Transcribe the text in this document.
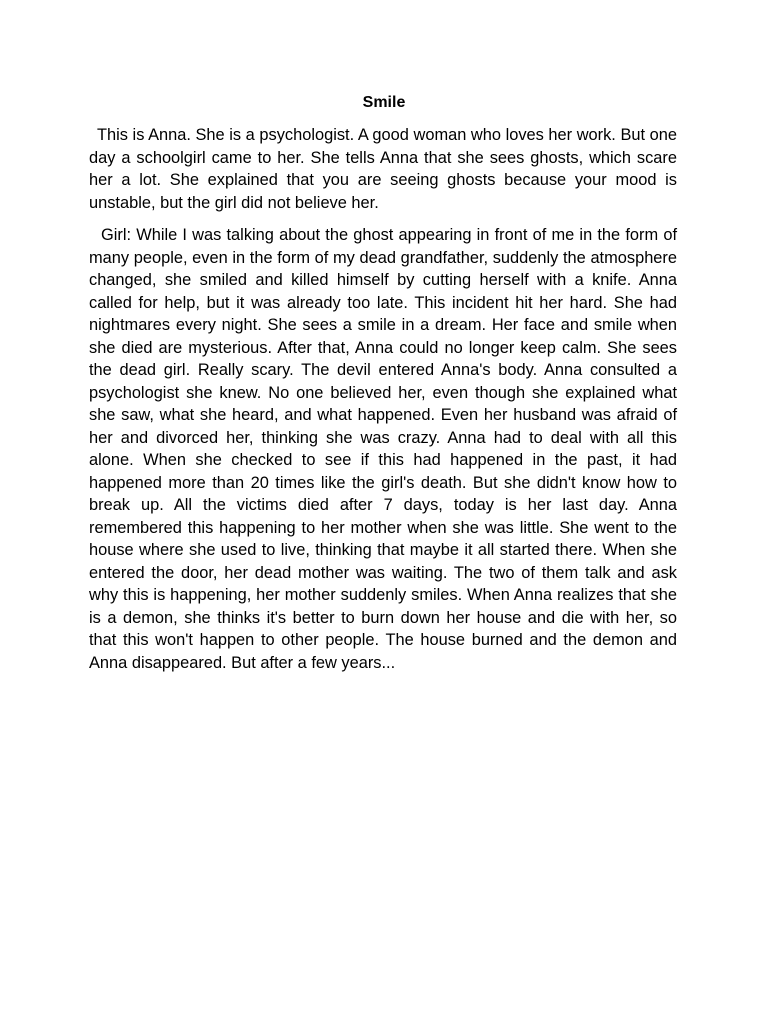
Smile

This is Anna. She is a psychologist. A good woman who loves her work. But one day a schoolgirl came to her. She tells Anna that she sees ghosts, which scare her a lot. She explained that you are seeing ghosts because your mood is unstable, but the girl did not believe her.

Girl: While I was talking about the ghost appearing in front of me in the form of many people, even in the form of my dead grandfather, suddenly the atmosphere changed, she smiled and killed himself by cutting herself with a knife. Anna called for help, but it was already too late. This incident hit her hard. She had nightmares every night. She sees a smile in a dream. Her face and smile when she died are mysterious. After that, Anna could no longer keep calm. She sees the dead girl. Really scary. The devil entered Anna's body. Anna consulted a psychologist she knew. No one believed her, even though she explained what she saw, what she heard, and what happened. Even her husband was afraid of her and divorced her, thinking she was crazy. Anna had to deal with all this alone. When she checked to see if this had happened in the past, it had happened more than 20 times like the girl's death. But she didn't know how to break up. All the victims died after 7 days, today is her last day. Anna remembered this happening to her mother when she was little. She went to the house where she used to live, thinking that maybe it all started there. When she entered the door, her dead mother was waiting. The two of them talk and ask why this is happening, her mother suddenly smiles. When Anna realizes that she is a demon, she thinks it's better to burn down her house and die with her, so that this won't happen to other people. The house burned and the demon and Anna disappeared. But after a few years...
